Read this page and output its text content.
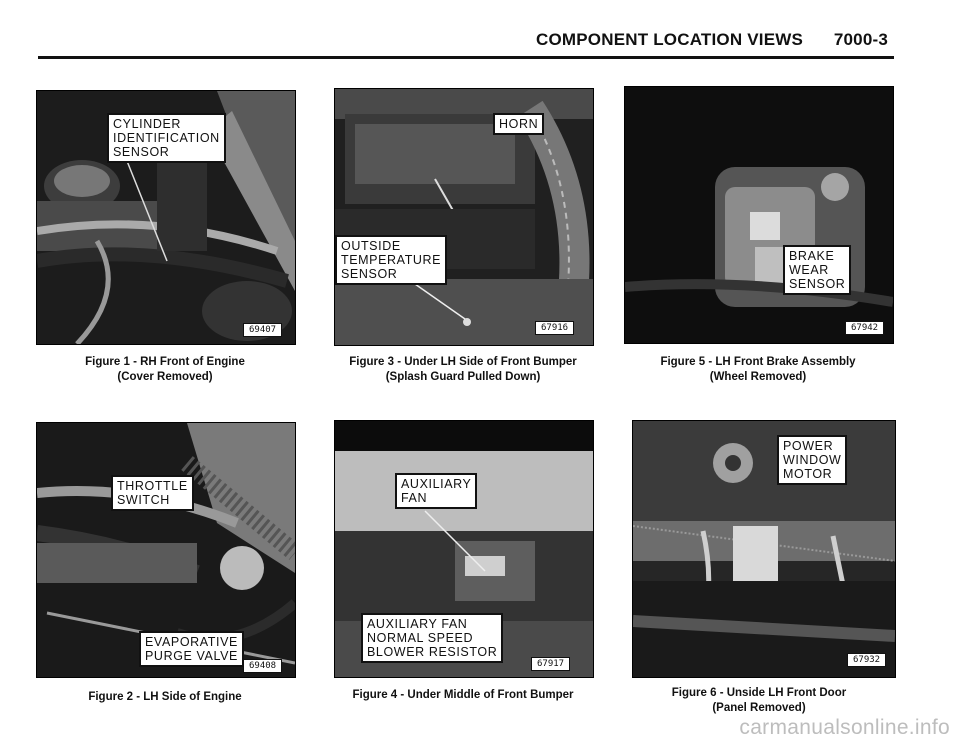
COMPONENT LOCATION VIEWS 7000-3
CYLINDER
IDENTIFICATION
SENSOR
69407
Figure 1 - RH Front of Engine
(Cover Removed)
HORN
OUTSIDE
TEMPERATURE
SENSOR
67916
Figure 3 - Under LH Side of Front Bumper
(Splash Guard Pulled Down)
BRAKE
WEAR
SENSOR
67942
Figure 5 - LH Front Brake Assembly
(Wheel Removed)
THROTTLE
SWITCH
EVAPORATIVE
PURGE VALVE
69408
Figure 2 - LH Side of Engine
AUXILIARY
FAN
AUXILIARY FAN
NORMAL SPEED
BLOWER RESISTOR
67917
Figure 4 - Under Middle of Front Bumper
POWER
WINDOW
MOTOR
67932
Figure 6 - Unside LH Front Door
(Panel Removed)
carmanualsonline.info
